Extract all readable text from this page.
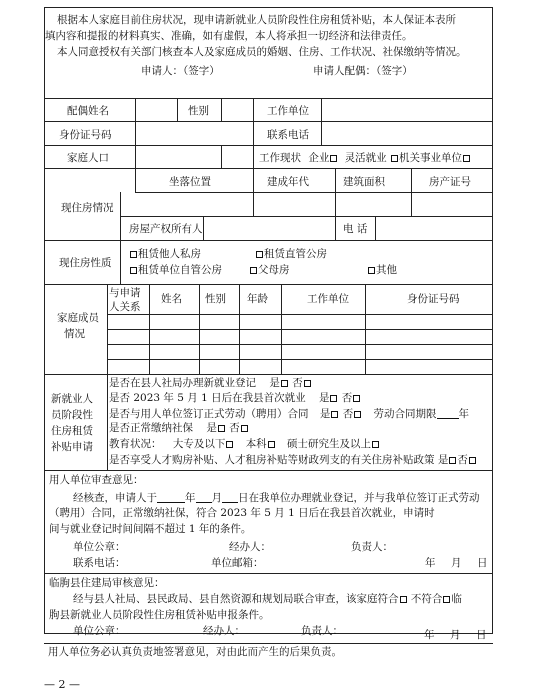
根据本人家庭目前住房状况，现申请新就业人员阶段性住房租赁补贴，本人保证本表所
填内容和提报的材料真实、准确，如有虚假，本人将承担一切经济和法律责任。
本人同意授权有关部门核查本人及家庭成员的婚姻、住房、工作状况、社保缴纳等情况。
申请人：（签字）	申请人配偶：（签字）
配偶姓名	性别	工作单位
身份证号码	联系电话
家庭人口	工作现状 企业 灵活就业 机关事业单位
现住房情况
坐落位置	建成年代	建筑面积	房产证号
房屋产权所有人	电 话
现住房性质
租赁他人私房	租赁直管公房
租赁单位自管公房	父母房	其他
家庭成员
情况
与申请
人关系
姓名 性别 年龄	工作单位	身份证号码
新就业人
员阶段性
住房租赁
补贴申请
是否在县人社局办理新就业登记 是 否
是否 2023 年 5 月 1 日后在我县首次就业 是 否
是否与用人单位签订正式劳动（聘用）合同 是 否 劳动合同期限 年
是否正常缴纳社保 是 否
教育状况： 大专及以下 本科 硕士研究生及以上
是否享受人才购房补贴、人才租房补贴等财政列支的有关住房补贴政策 是 否
用人单位审查意见：
经核查，申请人于	年 月 日在我单位办理就业登记，并与我单位签订正式劳动
（聘用）合同，正常缴纳社保，符合 2023 年 5 月 1 日后在我县首次就业，申请时
间与就业登记时间间隔不超过 1 年的条件。
单位公章：	经办人：	负责人：
联系电话：	单位邮箱：	年 月 日
临朐县住建局审核意见：
经与县人社局、县民政局、县自然资源和规划局联合审查，该家庭符合 不符合 临
朐县新就业人员阶段性住房租赁补贴申报条件。
单位公章：	经办人：	负责人：	年 月 日
用人单位务必认真负责地签署意见，对由此而产生的后果负责。
— 2 —
